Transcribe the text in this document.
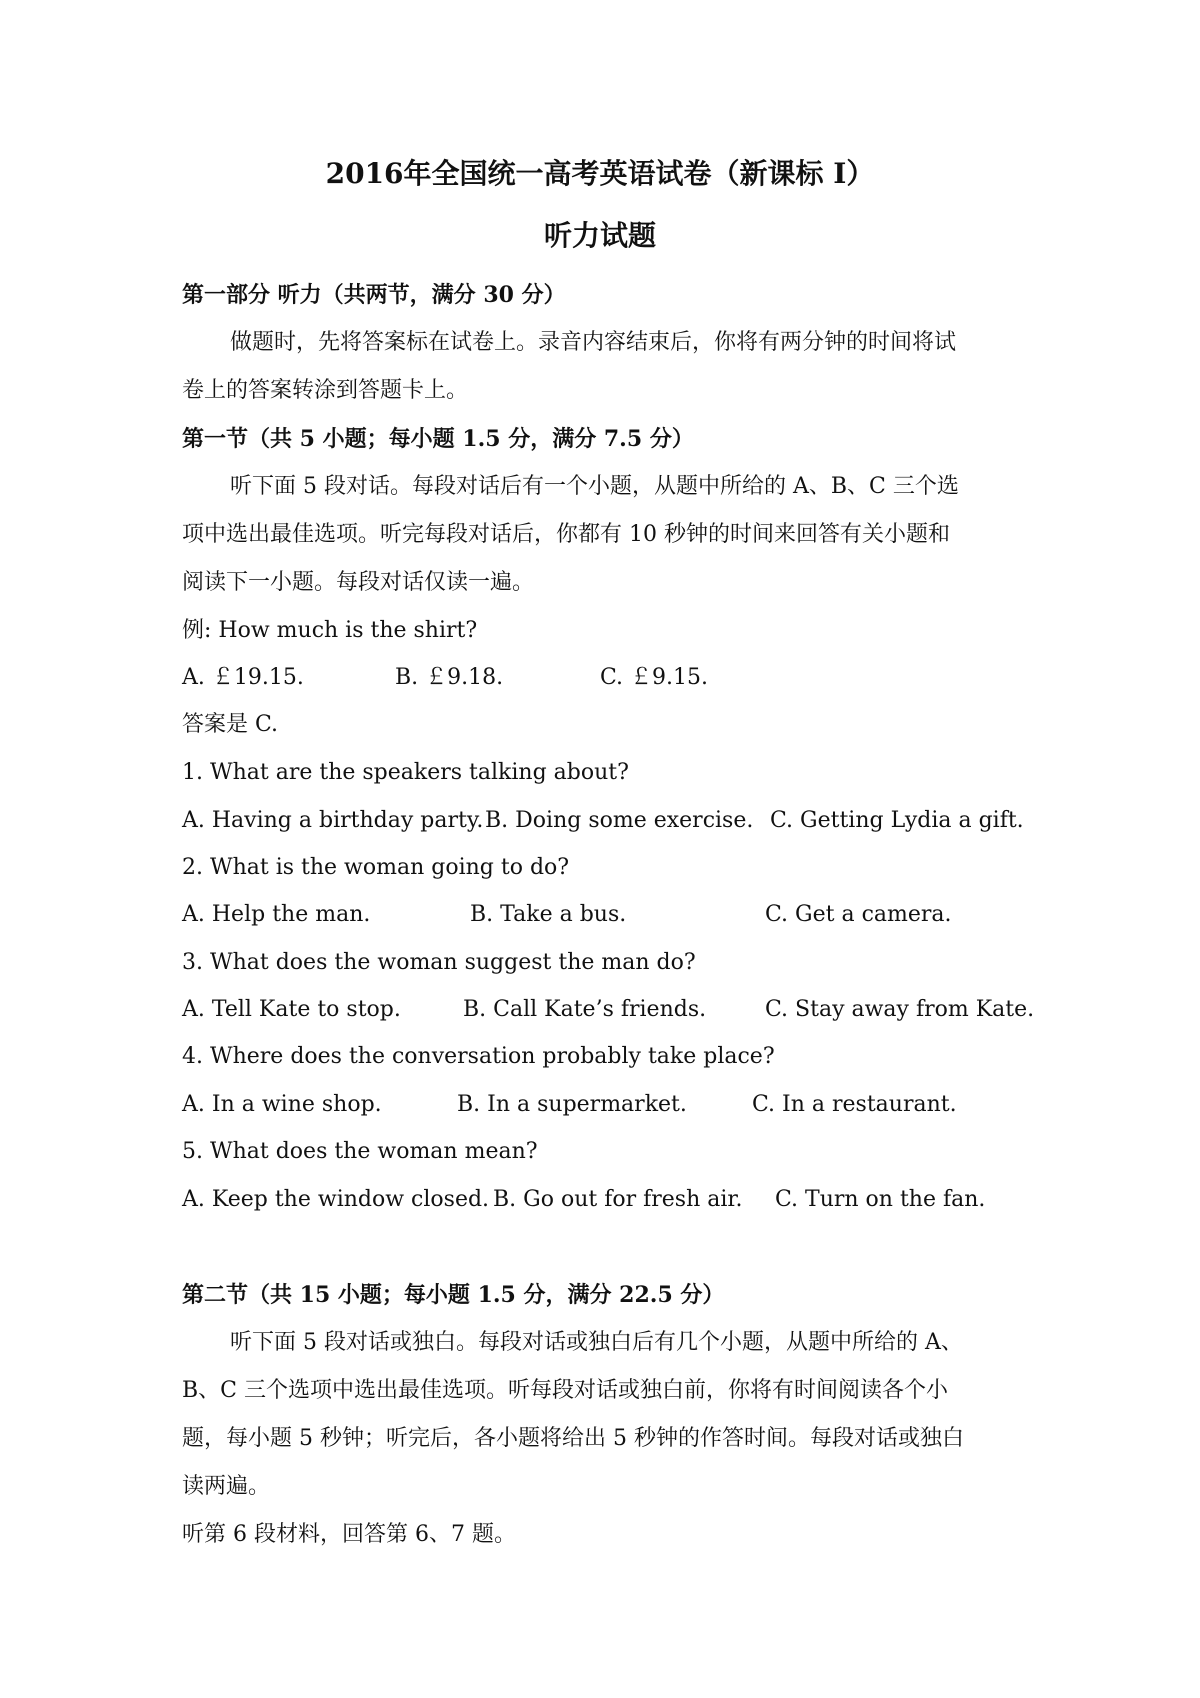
2016年全国统一高考英语试卷（新课标 I）
听力试题
第一部分 听力（共两节，满分 30 分）
做题时，先将答案标在试卷上。录音内容结束后，你将有两分钟的时间将试
卷上的答案转涂到答题卡上。
第一节（共 5 小题；每小题 1.5 分，满分 7.5 分）
听下面 5 段对话。每段对话后有一个小题，从题中所给的 A、B、C 三个选
项中选出最佳选项。听完每段对话后，你都有 10 秒钟的时间来回答有关小题和
阅读下一小题。每段对话仅读一遍。
例: How much is the shirt?
A. ￡19.15.	B. ￡9.18.	C. ￡9.15.
答案是 C.
1. What are the speakers talking about?
A. Having a birthday party. B. Doing some exercise. C. Getting Lydia a gift.
2. What is the woman going to do?
A. Help the man.	B. Take a bus.	C. Get a camera.
3. What does the woman suggest the man do?
A. Tell Kate to stop.	B. Call Kate’s friends.	C. Stay away from Kate.
4. Where does the conversation probably take place?
A. In a wine shop.	B. In a supermarket.	C. In a restaurant.
5. What does the woman mean?
A. Keep the window closed. B. Go out for fresh air. C. Turn on the fan.
第二节（共 15 小题；每小题 1.5 分，满分 22.5 分）
听下面 5 段对话或独白。每段对话或独白后有几个小题，从题中所给的 A、
B、C 三个选项中选出最佳选项。听每段对话或独白前，你将有时间阅读各个小
题，每小题 5 秒钟；听完后，各小题将给出 5 秒钟的作答时间。每段对话或独白
读两遍。
听第 6 段材料，回答第 6、7 题。
